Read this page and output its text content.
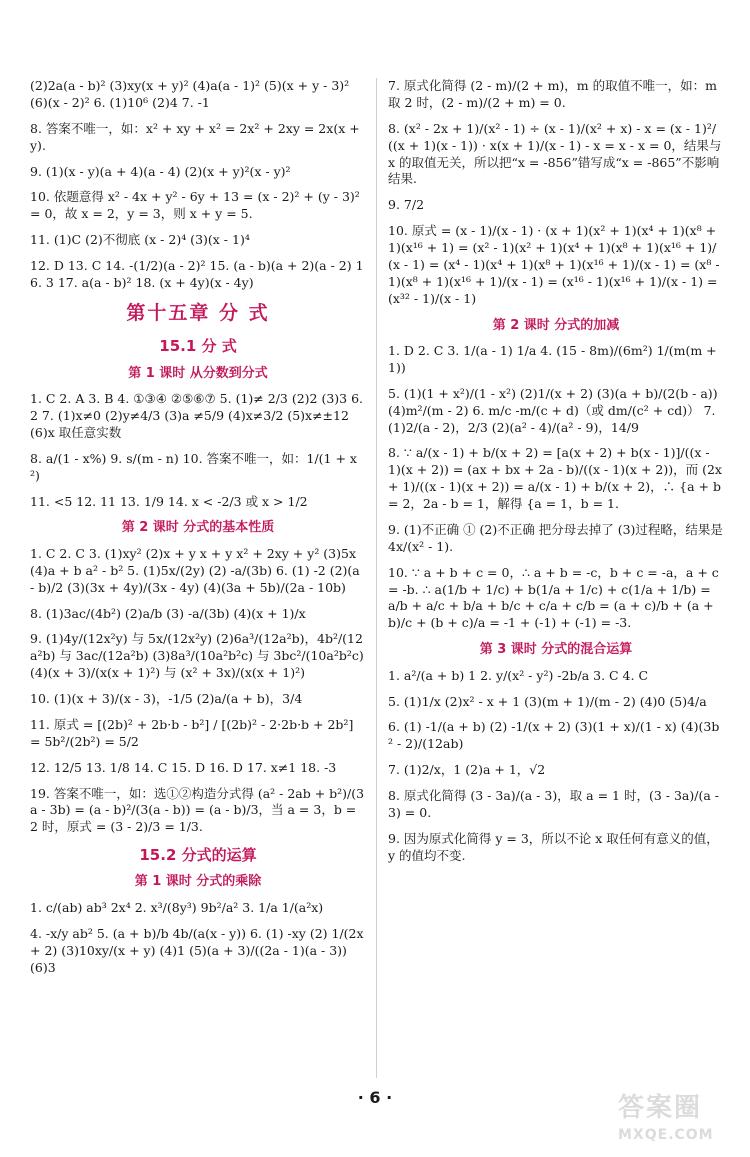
(2)2a(a - b)² (3)xy(x + y)² (4)a(a - 1)² (5)(x + y - 3)² (6)(x - 2)² 6. (1)10⁶ (2)4 7. -1

8. 答案不唯一，如：x² + xy + x² = 2x² + 2xy = 2x(x + y).

9. (1)(x - y)(a + 4)(a - 4) (2)(x + y)²(x - y)²

10. 依题意得 x² - 4x + y² - 6y + 13 = (x - 2)² + (y - 3)² = 0，故 x = 2，y = 3，则 x + y = 5.

11. (1)C (2)不彻底 (x - 2)⁴ (3)(x - 1)⁴

12. D 13. C 14. -(1/2)(a - 2)² 15. (a - b)(a + 2)(a - 2) 16. 3 17. a(a - b)² 18. (x + 4y)(x - 4y)

第十五章 分 式
15.1 分 式
第 1 课时 从分数到分式

1. C 2. A 3. B 4. ①③④ ②⑤⑥⑦ 5. (1)≠ 2/3 (2)2 (3)3 6. 2 7. (1)x≠0 (2)y≠4/3 (3)a ≠5/9 (4)x≠3/2 (5)x≠±12 (6)x 取任意实数

8. a/(1 - x%) 9. s/(m - n) 10. 答案不唯一，如：1/(1 + x²)

11. <5 12. 11 13. 1/9 14. x < -2/3 或 x > 1/2

第 2 课时 分式的基本性质

1. C 2. C 3. (1)xy² (2)x + y x + y x² + 2xy + y² (3)5x (4)a + b a² - b² 5. (1)5x/(2y) (2) -a/(3b) 6. (1) -2 (2)(a - b)/2 (3)(3x + 4y)/(3x - 4y) (4)(3a + 5b)/(2a - 10b)

8. (1)3ac/(4b²) (2)a/b (3) -a/(3b) (4)(x + 1)/x

9. (1)4y/(12x²y) 与 5x/(12x²y) (2)6a³/(12a²b)，4b²/(12a²b) 与 3ac/(12a²b) (3)8a³/(10a²b²c) 与 3bc²/(10a²b²c) (4)(x + 3)/(x(x + 1)²) 与 (x² + 3x)/(x(x + 1)²)

10. (1)(x + 3)/(x - 3)，-1/5 (2)a/(a + b)，3/4

11. 原式 = [(2b)² + 2b·b - b²] / [(2b)² - 2·2b·b + 2b²] = 5b²/(2b²) = 5/2

12. 12/5 13. 1/8 14. C 15. D 16. D 17. x≠1 18. -3

19. 答案不唯一，如：选①②构造分式得 (a² - 2ab + b²)/(3a - 3b) = (a - b)²/(3(a - b)) = (a - b)/3，当 a = 3，b = 2 时，原式 = (3 - 2)/3 = 1/3.

15.2 分式的运算
第 1 课时 分式的乘除

1. c/(ab) ab³ 2x⁴ 2. x³/(8y³) 9b²/a² 3. 1/a 1/(a²x)

4. -x/y ab² 5. (a + b)/b 4b/(a(x - y)) 6. (1) -xy (2) 1/(2x + 2) (3)10xy/(x + y) (4)1 (5)(a + 3)/((2a - 1)(a - 3)) (6)3

7. 原式化简得 (2 - m)/(2 + m)，m 的取值不唯一，如：m 取 2 时，(2 - m)/(2 + m) = 0.

8. (x² - 2x + 1)/(x² - 1) ÷ (x - 1)/(x² + x) - x = (x - 1)²/((x + 1)(x - 1)) · x(x + 1)/(x - 1) - x = x - x = 0，结果与 x 的取值无关，所以把“x = -856”错写成“x = -865”不影响结果.

9. 7/2

10. 原式 = (x - 1)/(x - 1) · (x + 1)(x² + 1)(x⁴ + 1)(x⁸ + 1)(x¹⁶ + 1) = (x² - 1)(x² + 1)(x⁴ + 1)(x⁸ + 1)(x¹⁶ + 1)/(x - 1) = (x⁴ - 1)(x⁴ + 1)(x⁸ + 1)(x¹⁶ + 1)/(x - 1) = (x⁸ - 1)(x⁸ + 1)(x¹⁶ + 1)/(x - 1) = (x¹⁶ - 1)(x¹⁶ + 1)/(x - 1) = (x³² - 1)/(x - 1)

第 2 课时 分式的加减

1. D 2. C 3. 1/(a - 1) 1/a 4. (15 - 8m)/(6m²) 1/(m(m + 1))

5. (1)(1 + x²)/(1 - x²) (2)1/(x + 2) (3)(a + b)/(2(b - a)) (4)m²/(m - 2) 6. m/c -m/(c + d)（或 dm/(c² + cd)） 7. (1)2/(a - 2)，2/3 (2)(a² - 4)/(a² - 9)，14/9

8. ∵ a/(x - 1) + b/(x + 2) = [a(x + 2) + b(x - 1)]/((x - 1)(x + 2)) = (ax + bx + 2a - b)/((x - 1)(x + 2))，而 (2x + 1)/((x - 1)(x + 2)) = a/(x - 1) + b/(x + 2)，∴ {a + b = 2，2a - b = 1，解得 {a = 1，b = 1.

9. (1)不正确 ① (2)不正确 把分母去掉了 (3)过程略，结果是 4x/(x² - 1).

10. ∵ a + b + c = 0，∴ a + b = -c，b + c = -a，a + c = -b. ∴ a(1/b + 1/c) + b(1/a + 1/c) + c(1/a + 1/b) = a/b + a/c + b/a + b/c + c/a + c/b = (a + c)/b + (a + b)/c + (b + c)/a = -1 + (-1) + (-1) = -3.

第 3 课时 分式的混合运算

1. a²/(a + b) 1 2. y/(x² - y²) -2b/a 3. C 4. C

5. (1)1/x (2)x² - x + 1 (3)(m + 1)/(m - 2) (4)0 (5)4/a

6. (1) -1/(a + b) (2) -1/(x + 2) (3)(1 + x)/(1 - x) (4)(3b² - 2)/(12ab)

7. (1)2/x，1 (2)a + 1，√2

8. 原式化简得 (3 - 3a)/(a - 3)，取 a = 1 时，(3 - 3a)/(a - 3) = 0.

9. 因为原式化简得 y = 3，所以不论 x 取任何有意义的值，y 的值均不变.

· 6 ·	答案圈
MXQE.COM
